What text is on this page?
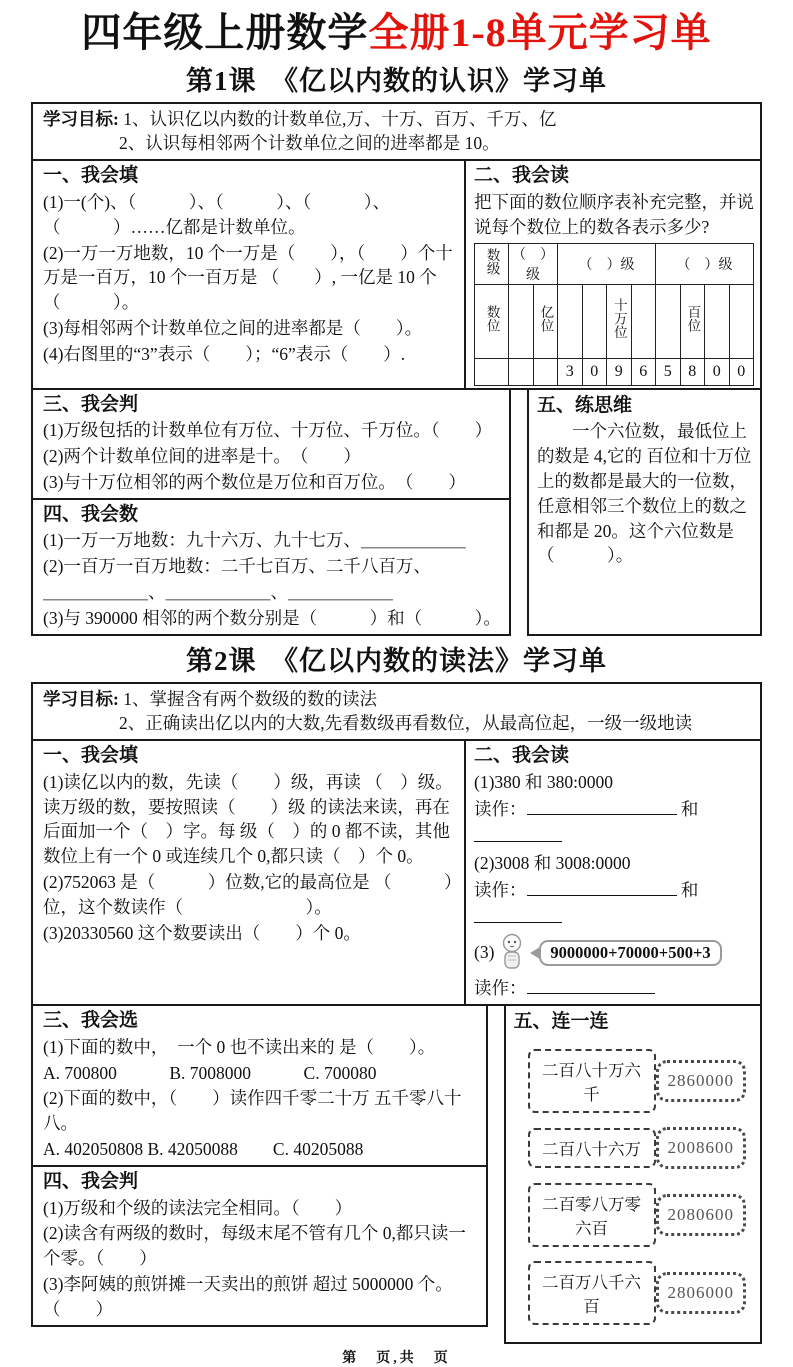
四年级上册数学全册1-8单元学习单
第1课　《亿以内数的认识》学习单
学习目标: 1、认识亿以内数的计数单位,万、十万、百万、千万、亿
2、认识每相邻两个计数单位之间的进率都是 10。
一、我会填
(1)一(个)、（　　　）、（　　　）、（　　　）、（　　　）……亿都是计数单位。
(2)一万一万地数，10 个一万是（　　），（　　）个十万是一百万，10 个一百万是 （　　）, 一亿是 10 个（　　　）。
(3)每相邻两个计数单位之间的进率都是（　　）。
(4)右图里的“3”表示（　　）；“6”表示（　　）.
二、我会读
把下面的数位顺序表补充完整，并说说每个数位上的数各表示多少?
数级	（　）级		（　）级				（　）级			
数位		亿位			十万位			百位		
			3	0	9	6	5	8	0	0
三、我会判
(1)万级包括的计数单位有万位、十万位、千万位。（　　）
(2)两个计数单位间的进率是十。　（　　）
(3)与十万位相邻的两个数位是万位和百万位。　（　　）
四、我会数
(1)一万一万地数：九十六万、九十七万、＿＿＿＿＿＿
(2)一百万一百万地数：二千七百万、二千八百万、
＿＿＿＿＿＿、＿＿＿＿＿＿、＿＿＿＿＿＿
(3)与 390000 相邻的两个数分别是（　　　）和（　　　）。
五、练思维
一个六位数，最低位上的数是 4,它的 百位和十万位上的数都是最大的一位数，任意相邻三个数位上的数之和都是 20。这个六位数是（　　　）。
第2课　《亿以内数的读法》学习单
学习目标: 1、掌握含有两个数级的数的读法
2、正确读出亿以内的大数,先看数级再看数位，从最高位起，一级一级地读
一、我会填
(1)读亿以内的数，先读（　　）级，再读 （　）级。读万级的数，要按照读（　　）级 的读法来读，再在后面加一个（　）字。每 级（　）的 0 都不读，其他数位上有一个 0 或连续几个 0,都只读（　）个 0。
(2)752063 是（　　　）位数,它的最高位是 （　　　）位，这个数读作（　　　　　　　）。
(3)20330560 这个数要读出（　　）个 0。
二、我会读
(1)380 和 380:0000
读作：	和
(2)3008 和 3008:0000
读作：	和
(3)	9000000+70000+500+3
读作：
三、我会选
(1)下面的数中，　一个 0 也不读出来的 是（　　）。
A. 700800　　　B. 7008000　　　C. 700080
(2)下面的数中，（　　）读作四千零二十万 五千零八十八。
A. 402050808 B. 42050088　　C. 40205088
四、我会判
(1)万级和个级的读法完全相同。（　　）
(2)读含有两级的数时，每级末尾不管有几个 0,都只读一个零。（　　）
(3)李阿姨的煎饼摊一天卖出的煎饼 超过 5000000 个。（　　）
五、连一连
二百八十万六千
2860000
二百八十六万	2008600
二百零八万零六百
2080600
二百万八千六百
2806000
第　页,共　页
